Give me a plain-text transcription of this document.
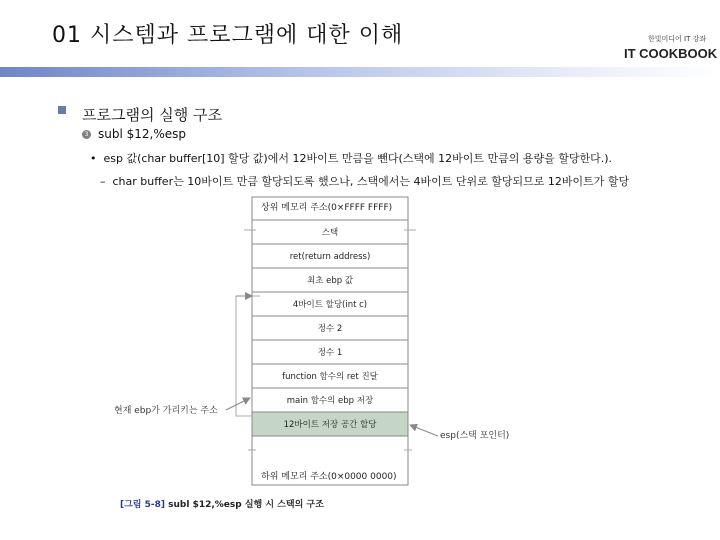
01 시스템과 프로그램에 대한 이해	한빛미디어 IT 강좌
IT COOKBOOK
프로그램의 실행 구조
3 subl $12,%esp
•  esp 값(char buffer[10] 할당 값)에서 12바이트 만큼을 뺀다(스택에 12바이트 만큼의 용량을 할당한다.).
–  char buffer는 10바이트 만큼 할당되도록 했으나, 스택에서는 4바이트 단위로 할당되므로 12바이트가 할당
상위 메모리 주소(0×FFFF FFFF)
하위 메모리 주소(0×0000 0000)
스택
ret(return address)
최초 ebp 값
4바이트 할당(int c)
정수 2
정수 1
function 함수의 ret 진달
main 함수의 ebp 저장
12바이트 저장 공간 할당
현재 ebp가 가리키는 주소
esp(스택 포인터)
[그림 5-8] subl $12,%esp 실행 시 스택의 구조
